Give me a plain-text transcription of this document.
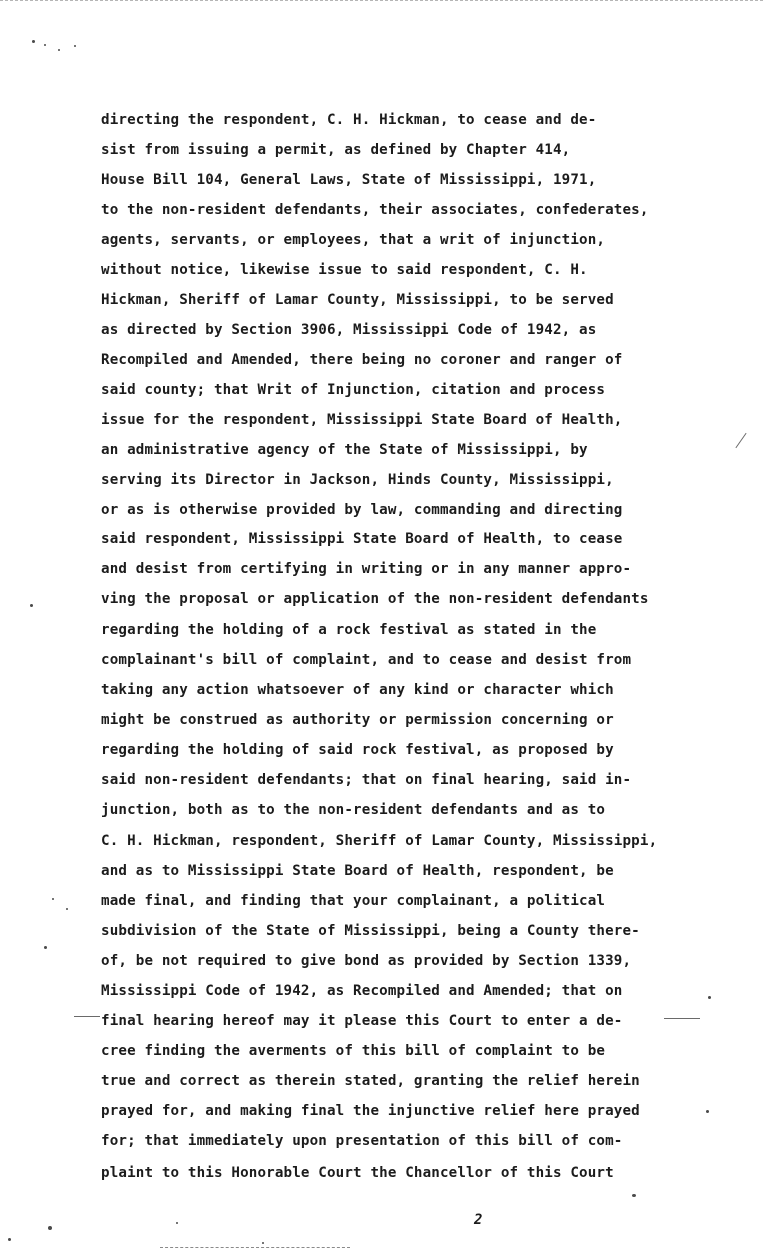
directing the respondent, C. H. Hickman, to cease and de-
sist from issuing a permit, as defined by Chapter 414,
House Bill 104, General Laws, State of Mississippi, 1971,
to the non-resident defendants, their associates, confederates,
agents, servants, or employees, that a writ of injunction,
without notice, likewise issue to said respondent, C. H.
Hickman, Sheriff of Lamar County, Mississippi, to be served
as directed by Section 3906, Mississippi Code of 1942, as
Recompiled and Amended, there being no coroner and ranger of
said county; that Writ of Injunction, citation and process
issue for the respondent, Mississippi State Board of Health,
an administrative agency of the State of Mississippi, by
serving its Director in Jackson, Hinds County, Mississippi,
or as is otherwise provided by law, commanding and directing
said respondent, Mississippi State Board of Health, to cease
and desist from certifying in writing or in any manner appro-
ving the proposal or application of the non-resident defendants
regarding the holding of a rock festival as stated in the
complainant's bill of complaint, and to cease and desist from
taking any action whatsoever of any kind or character which
might be construed as authority or permission concerning or
regarding the holding of said rock festival, as proposed by
said non-resident defendants; that on final hearing, said in-
junction, both as to the non-resident defendants and as to
C. H. Hickman, respondent, Sheriff of Lamar County, Mississippi,
and as to Mississippi State Board of Health, respondent, be
made final, and finding that your complainant, a political
subdivision of the State of Mississippi, being a County there-
of, be not required to give bond as provided by Section 1339,
Mississippi Code of 1942, as Recompiled and Amended; that on
final hearing hereof may it please this Court to enter a de-
cree finding the averments of this bill of complaint to be
true and correct as therein stated, granting the relief herein
prayed for, and making final the injunctive relief here prayed
for; that immediately upon presentation of this bill of com-
plaint to this Honorable Court the Chancellor of this Court
2
